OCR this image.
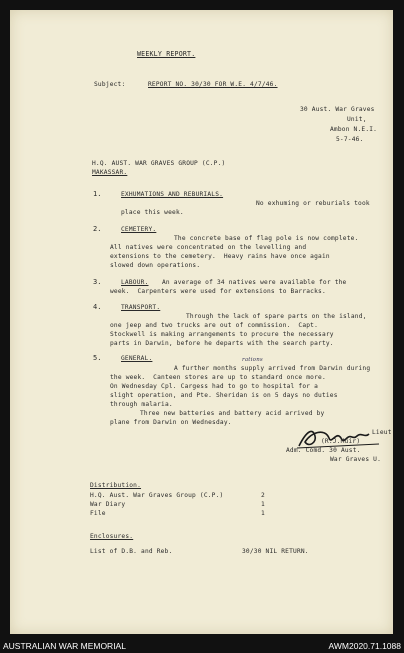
WEEKLY REPORT.
Subject:	REPORT NO. 30/30 FOR W.E. 4/7/46.
30 Aust. War Graves
Unit,
Ambon N.E.I.
5-7-46.
H.Q. AUST. WAR GRAVES GROUP (C.P.)
MAKASSAR.
1.	EXHUMATIONS AND REBURIALS.
No exhuming or reburials took
place this week.
2.	CEMETERY.
The concrete base of flag pole is now complete.
All natives were concentrated on the levelling and
extensions to the cemetery.  Heavy rains have once again
slowed down operations.
3.	LABOUR. An average of 34 natives were available for the
week.  Carpenters were used for extensions to Barracks.
4.	TRANSPORT.
Through the lack of spare parts on the island,
one jeep and two trucks are out of commission.  Capt.
Stockwell is making arrangements to procure the necessary
parts in Darwin, before he departs with the search party.
5.	GENERAL.	rations
A further months supply arrived from Darwin during
the week.  Canteen stores are up to standard once more.
On Wednesday Cpl. Cargess had to go to hospital for a
slight operation, and Pte. Sheridan is on 5 days no duties
through malaria.
Three new batteries and battery acid arrived by
plane from Darwin on Wednesday.
Lieut
(R.J.Muir)
Adm. Comd. 30 Aust.
War Graves U.
Distribution.
H.Q. Aust. War Graves Group (C.P.)	2
War Diary	1
File	1
Enclosures.
List of D.B. and Reb.	30/30 NIL RETURN.
AUSTRALIAN WAR MEMORIAL	AWM2020.71.1088
